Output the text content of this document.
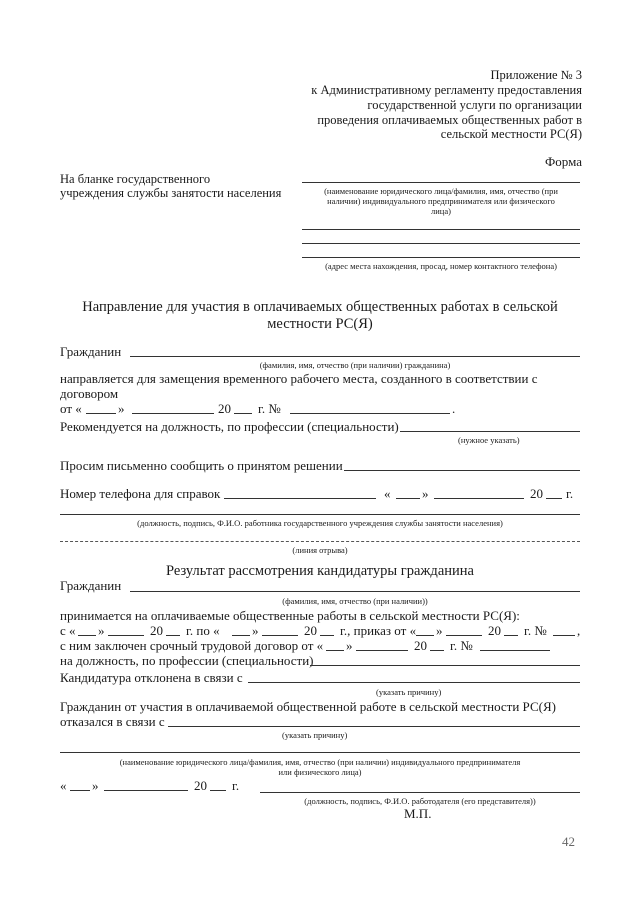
Приложение № 3
к Административному регламенту предоставления
государственной услуги по организации
проведения оплачиваемых общественных работ в
сельской местности РС(Я)
Форма
На бланке государственного
учреждения службы занятости населения	(наименование юридического лица/фамилия, имя, отчество (при
наличии) индивидуального предпринимателя или физического
лица)
(адрес места нахождения, просад, номер контактного телефона)
Направление для участия в оплачиваемых общественных работах в сельской
местности РС(Я)
Гражданин
(фамилия, имя, отчество (при наличии) гражданина)
направляется для замещения временного рабочего места, созданного в соответствии с
договором
от «	»	20 г. №	.
Рекомендуется на должность, по профессии (специальности)
(нужное указать)
Просим письменно сообщить о принятом решении
Номер телефона для справок	« »	20 г.
(должность, подпись, Ф.И.О. работника государственного учреждения службы занятости населения)
(линия отрыва)
Результат рассмотрения кандидатуры гражданина
Гражданин
(фамилия, имя, отчество (при наличии))
принимается на оплачиваемые общественные работы в сельской местности РС(Я):
с « »	20 г. по « »	20 г., приказ от « »	20 г. № ,
с ним заключен срочный трудовой договор от « »	20 г. №
на должность, по профессии (специальности)
Кандидатура отклонена в связи с
(указать причину)
Гражданин от участия в оплачиваемой общественной работе в сельской местности РС(Я)
отказался в связи с
(указать причину)
(наименование юридического лица/фамилия, имя, отчество (при наличии) индивидуального предпринимателя
или физического лица)
« »	20 г.
(должность, подпись, Ф.И.О. работодателя (его представителя))
М.П.
42
